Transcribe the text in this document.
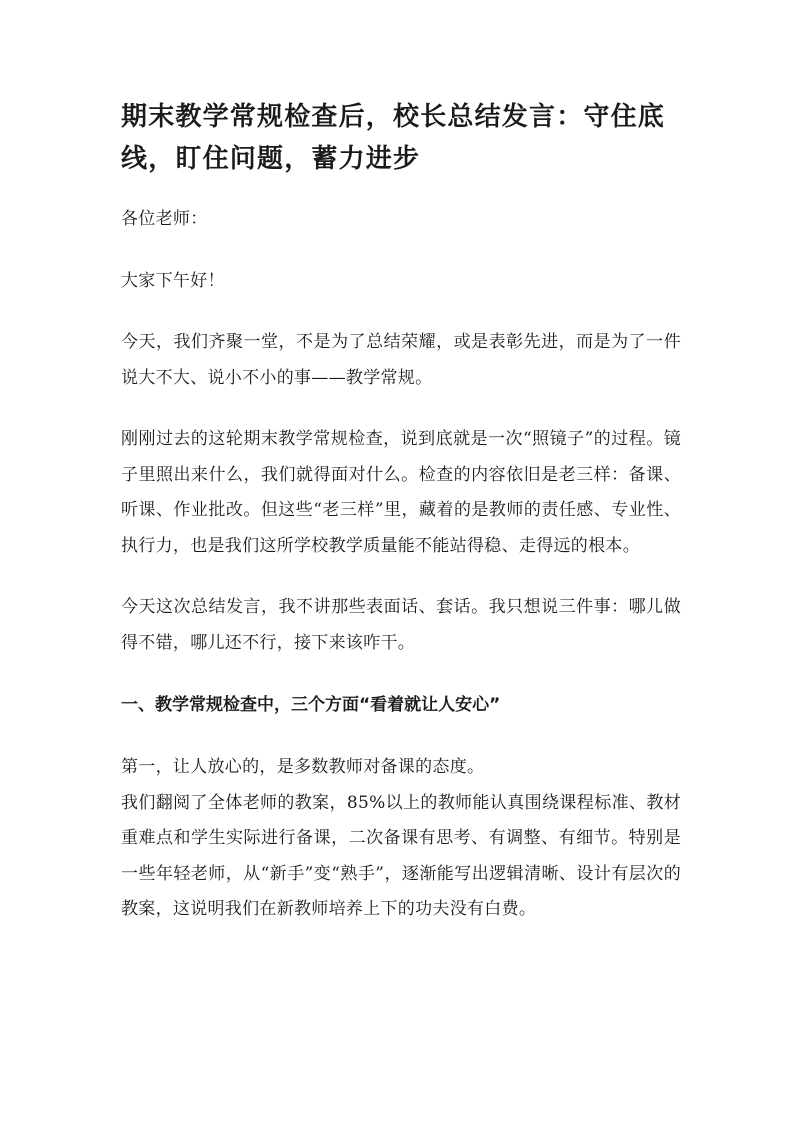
期末教学常规检查后，校长总结发言：守住底线，盯住问题，蓄力进步

各位老师：

大家下午好！

今天，我们齐聚一堂，不是为了总结荣耀，或是表彰先进，而是为了一件说大不大、说小不小的事——教学常规。

刚刚过去的这轮期末教学常规检查，说到底就是一次“照镜子”的过程。镜子里照出来什么，我们就得面对什么。检查的内容依旧是老三样：备课、听课、作业批改。但这些“老三样”里，藏着的是教师的责任感、专业性、执行力，也是我们这所学校教学质量能不能站得稳、走得远的根本。

今天这次总结发言，我不讲那些表面话、套话。我只想说三件事：哪儿做得不错，哪儿还不行，接下来该咋干。

一、教学常规检查中，三个方面“看着就让人安心”

第一，让人放心的，是多数教师对备课的态度。

我们翻阅了全体老师的教案，85%以上的教师能认真围绕课程标准、教材重难点和学生实际进行备课，二次备课有思考、有调整、有细节。特别是一些年轻老师，从“新手”变“熟手”，逐渐能写出逻辑清晰、设计有层次的教案，这说明我们在新教师培养上下的功夫没有白费。
